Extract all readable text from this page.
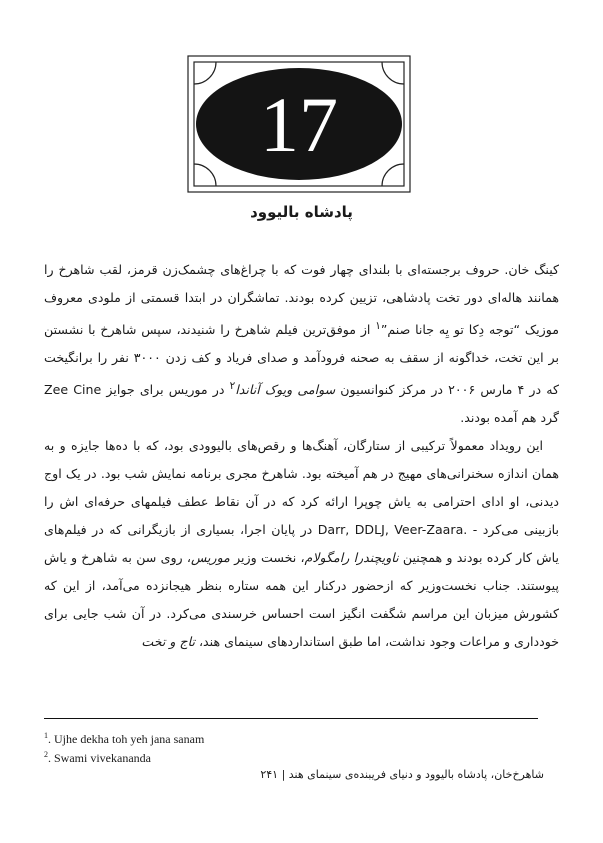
17
پادشاه بالیوود

کینگ خان. حروف برجسته‌ای با بلندای چهار فوت که با چراغ‌های چشمک‌زن قرمز، لقب شاهرخ را همانند هاله‌ای دور تخت پادشاهی، تزیین کرده بودند. تماشگران در ابتدا قسمتی از ملودی معروف موزیک “توجه دِکا تو یِه جانا صنم”$^۱$ از موفق‌ترین فیلم شاهرخ را شنیدند، سپس شاهرخ با نشستن بر این تخت، خداگونه از سقف به صحنه فرودآمد و صدای فریاد و کف زدن ۳۰۰۰ نفر را برانگیخت که در ۴ مارس ۲۰۰۶ در مرکز کنوانسیون سوامی ویوک آناندا$^۲$ در موریس برای جوایز Zee Cine گرد هم آمده بودند.

این رویداد معمولاً ترکیبی از ستارگان، آهنگ‌ها و رقص‌های بالیوودی بود، که با ده‌ها جایزه و به همان اندازه سخنرانی‌های مهیج در هم آمیخته بود. شاهرخ مجری برنامه نمایش شب بود. در یک اوج دیدنی، او ادای احترامی به یاش چوپرا ارائه کرد که در آن نقاط عطف فیلمهای حرفه‌ای اش را بازبینی می‌کرد - Darr, DDLJ, Veer-Zaara. در پایان اجرا، بسیاری از بازیگرانی که در فیلم‌های یاش کار کرده بودند و همچنین ناویچندرا رامگولام، نخست وزیر موریس، روی سن به شاهرخ و یاش پیوستند. جناب نخست‌وزیر که ازحضور درکنار این همه ستاره بنظر هیجانزده می‌آمد، از این که کشورش میزبان این مراسم شگفت انگیز است احساس خرسندی می‌کرد. در آن شب جایی برای خودداری و مراعات وجود نداشت، اما طبق استانداردهای سینمای هند، تاج و تخت

$^1$. Ujhe dekha toh yeh jana sanam
$^2$. Swami vivekananda
شاهرخ‌خان، پادشاه بالیوود و دنیای فریبنده‌ی سینمای هند | ۲۴۱
